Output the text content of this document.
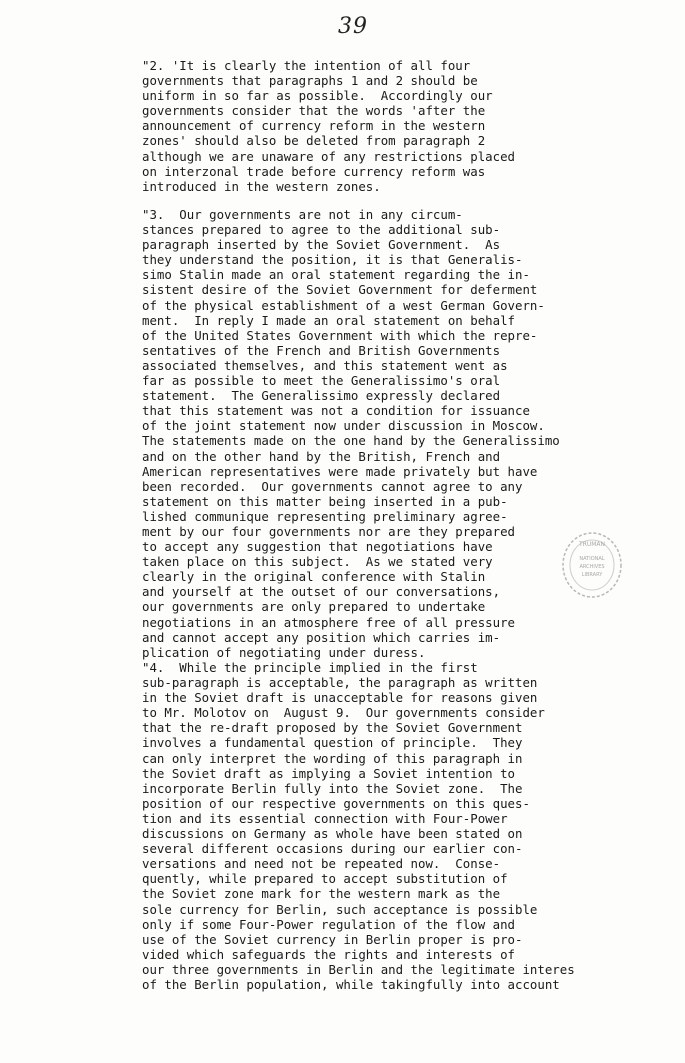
39
"2. 'It is clearly the intention of all four
governments that paragraphs 1 and 2 should be
uniform in so far as possible.  Accordingly our
governments consider that the words 'after the
announcement of currency reform in the western
zones' should also be deleted from paragraph 2
although we are unaware of any restrictions placed
on interzonal trade before currency reform was
introduced in the western zones.
"3.  Our governments are not in any circum-
stances prepared to agree to the additional sub-
paragraph inserted by the Soviet Government.  As
they understand the position, it is that Generalis-
simo Stalin made an oral statement regarding the in-
sistent desire of the Soviet Government for deferment
of the physical establishment of a west German Govern-
ment.  In reply I made an oral statement on behalf
of the United States Government with which the repre-
sentatives of the French and British Governments
associated themselves, and this statement went as
far as possible to meet the Generalissimo's oral
statement.  The Generalissimo expressly declared
that this statement was not a condition for issuance
of the joint statement now under discussion in Moscow.
The statements made on the one hand by the Generalissimo
and on the other hand by the British, French and
American representatives were made privately but have
been recorded.  Our governments cannot agree to any
statement on this matter being inserted in a pub-
lished communique representing preliminary agree-
ment by our four governments nor are they prepared
to accept any suggestion that negotiations have
taken place on this subject.  As we stated very
clearly in the original conference with Stalin
and yourself at the outset of our conversations,
our governments are only prepared to undertake
negotiations in an atmosphere free of all pressure
and cannot accept any position which carries im-
plication of negotiating under duress.
"4.  While the principle implied in the first
sub-paragraph is acceptable, the paragraph as written
in the Soviet draft is unacceptable for reasons given
to Mr. Molotov on  August 9.  Our governments consider
that the re-draft proposed by the Soviet Government
involves a fundamental question of principle.  They
can only interpret the wording of this paragraph in
the Soviet draft as implying a Soviet intention to
incorporate Berlin fully into the Soviet zone.  The
position of our respective governments on this ques-
tion and its essential connection with Four-Power
discussions on Germany as whole have been stated on
several different occasions during our earlier con-
versations and need not be repeated now.  Conse-
quently, while prepared to accept substitution of
the Soviet zone mark for the western mark as the
sole currency for Berlin, such acceptance is possible
only if some Four-Power regulation of the flow and
use of the Soviet currency in Berlin proper is pro-
vided which safeguards the rights and interests of
our three governments in Berlin and the legitimate interes
of the Berlin population, while takingfully into account
TRUMAN
NATIONAL
ARCHIVES
LIBRARY
